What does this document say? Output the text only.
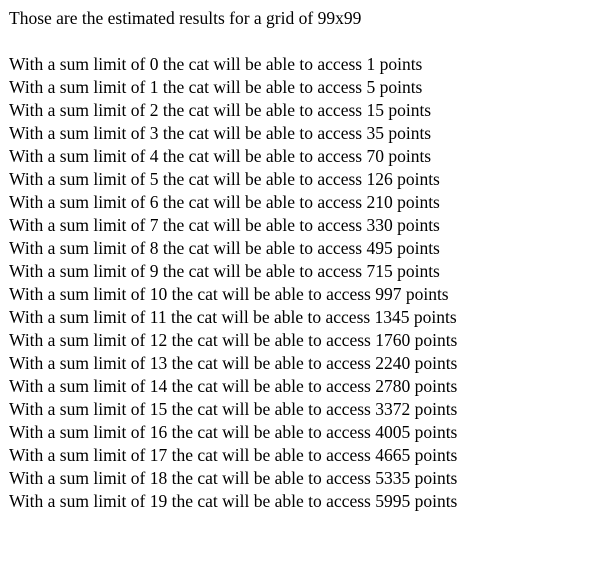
Those are the estimated results for a grid of 99x99
With a sum limit of 0 the cat will be able to access 1 points
With a sum limit of 1 the cat will be able to access 5 points
With a sum limit of 2 the cat will be able to access 15 points
With a sum limit of 3 the cat will be able to access 35 points
With a sum limit of 4 the cat will be able to access 70 points
With a sum limit of 5 the cat will be able to access 126 points
With a sum limit of 6 the cat will be able to access 210 points
With a sum limit of 7 the cat will be able to access 330 points
With a sum limit of 8 the cat will be able to access 495 points
With a sum limit of 9 the cat will be able to access 715 points
With a sum limit of 10 the cat will be able to access 997 points
With a sum limit of 11 the cat will be able to access 1345 points
With a sum limit of 12 the cat will be able to access 1760 points
With a sum limit of 13 the cat will be able to access 2240 points
With a sum limit of 14 the cat will be able to access 2780 points
With a sum limit of 15 the cat will be able to access 3372 points
With a sum limit of 16 the cat will be able to access 4005 points
With a sum limit of 17 the cat will be able to access 4665 points
With a sum limit of 18 the cat will be able to access 5335 points
With a sum limit of 19 the cat will be able to access 5995 points
